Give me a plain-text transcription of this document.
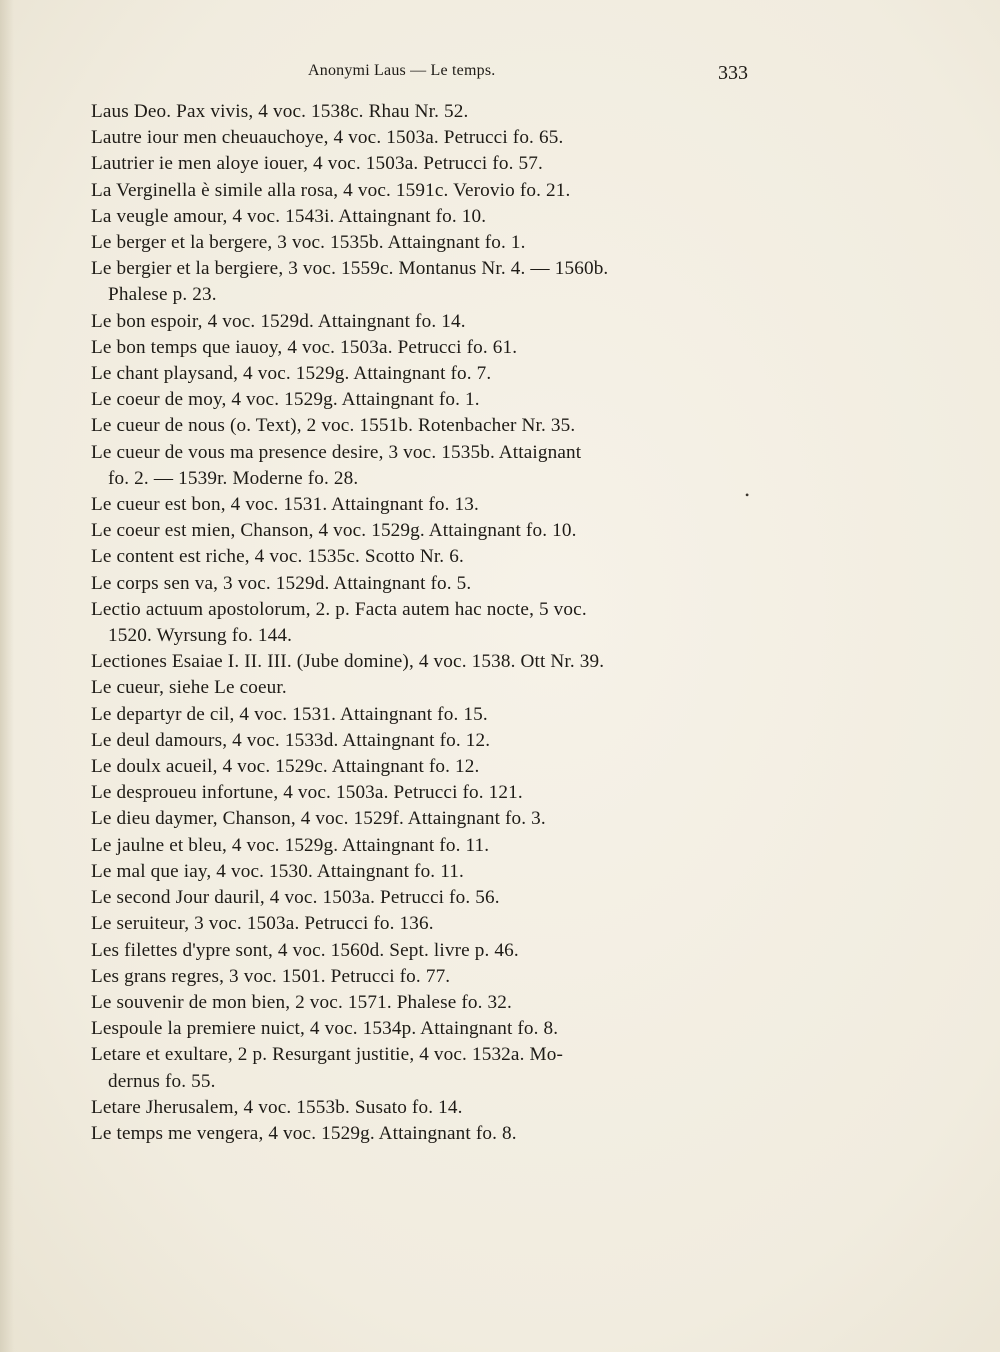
Anonymi Laus — Le temps.	333
Laus Deo. Pax vivis, 4 voc. 1538c. Rhau Nr. 52.
Lautre iour men cheuauchoye, 4 voc. 1503a. Petrucci fo. 65.
Lautrier ie men aloye iouer, 4 voc. 1503a. Petrucci fo. 57.
La Verginella è simile alla rosa, 4 voc. 1591c. Verovio fo. 21.
La veugle amour, 4 voc. 1543i. Attaingnant fo. 10.
Le berger et la bergere, 3 voc. 1535b. Attaingnant fo. 1.
Le bergier et la bergiere, 3 voc. 1559c. Montanus Nr. 4. — 1560b.
Phalese p. 23.
Le bon espoir, 4 voc. 1529d. Attaingnant fo. 14.
Le bon temps que iauoy, 4 voc. 1503a. Petrucci fo. 61.
Le chant playsand, 4 voc. 1529g. Attaingnant fo. 7.
Le coeur de moy, 4 voc. 1529g. Attaingnant fo. 1.
Le cueur de nous (o. Text), 2 voc. 1551b. Rotenbacher Nr. 35.
Le cueur de vous ma presence desire, 3 voc. 1535b. Attaignant
fo. 2. — 1539r. Moderne fo. 28.
Le cueur est bon, 4 voc. 1531. Attaingnant fo. 13.
Le coeur est mien, Chanson, 4 voc. 1529g. Attaingnant fo. 10.
Le content est riche, 4 voc. 1535c. Scotto Nr. 6.
Le corps sen va, 3 voc. 1529d. Attaingnant fo. 5.
Lectio actuum apostolorum, 2. p. Facta autem hac nocte, 5 voc.
1520. Wyrsung fo. 144.
Lectiones Esaiae I. II. III. (Jube domine), 4 voc. 1538. Ott Nr. 39.
Le cueur, siehe Le coeur.
Le departyr de cil, 4 voc. 1531. Attaingnant fo. 15.
Le deul damours, 4 voc. 1533d. Attaingnant fo. 12.
Le doulx acueil, 4 voc. 1529c. Attaingnant fo. 12.
Le desproueu infortune, 4 voc. 1503a. Petrucci fo. 121.
Le dieu daymer, Chanson, 4 voc. 1529f. Attaingnant fo. 3.
Le jaulne et bleu, 4 voc. 1529g. Attaingnant fo. 11.
Le mal que iay, 4 voc. 1530. Attaingnant fo. 11.
Le second Jour dauril, 4 voc. 1503a. Petrucci fo. 56.
Le seruiteur, 3 voc. 1503a. Petrucci fo. 136.
Les filettes d'ypre sont, 4 voc. 1560d. Sept. livre p. 46.
Les grans regres, 3 voc. 1501. Petrucci fo. 77.
Le souvenir de mon bien, 2 voc. 1571. Phalese fo. 32.
Lespoule la premiere nuict, 4 voc. 1534p. Attaingnant fo. 8.
Letare et exultare, 2 p. Resurgant justitie, 4 voc. 1532a. Mo-
dernus fo. 55.
Letare Jherusalem, 4 voc. 1553b. Susato fo. 14.
Le temps me vengera, 4 voc. 1529g. Attaingnant fo. 8.
•
